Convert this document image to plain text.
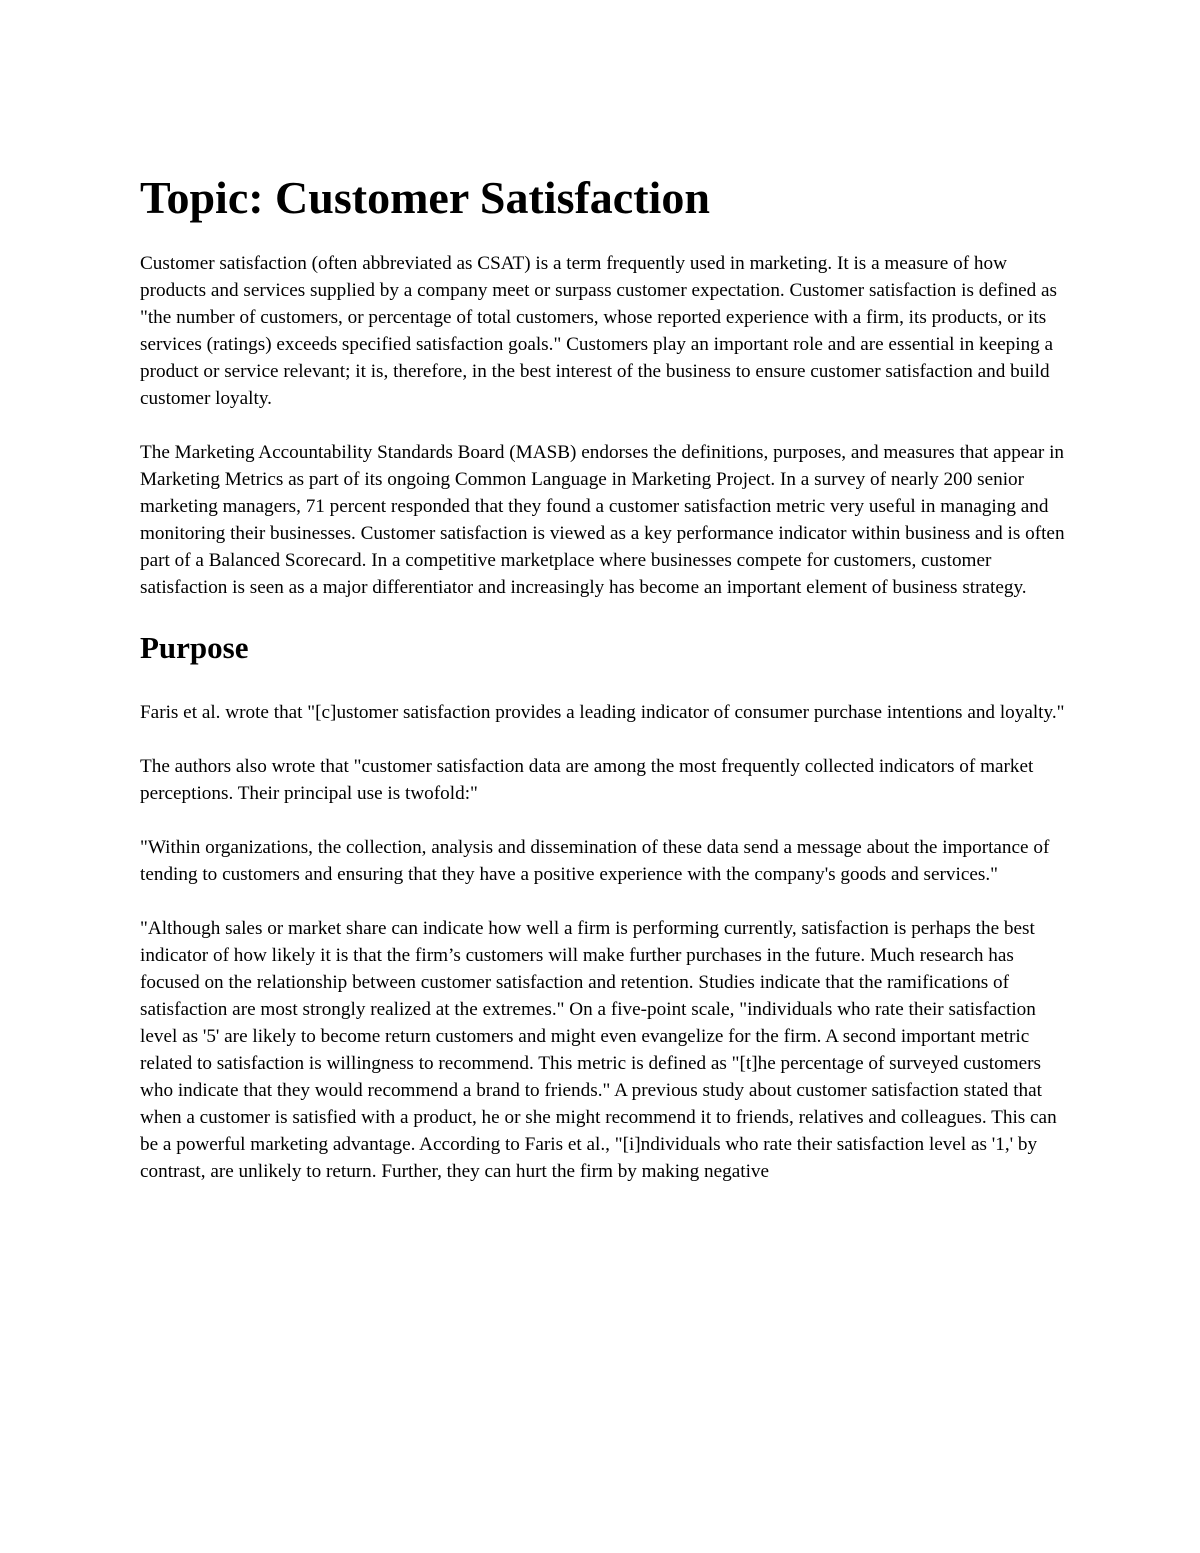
Topic: Customer Satisfaction

Customer satisfaction (often abbreviated as CSAT) is a term frequently used in marketing. It is a measure of how products and services supplied by a company meet or surpass customer expectation. Customer satisfaction is defined as "the number of customers, or percentage of total customers, whose reported experience with a firm, its products, or its services (ratings) exceeds specified satisfaction goals." Customers play an important role and are essential in keeping a product or service relevant; it is, therefore, in the best interest of the business to ensure customer satisfaction and build customer loyalty.

The Marketing Accountability Standards Board (MASB) endorses the definitions, purposes, and measures that appear in Marketing Metrics as part of its ongoing Common Language in Marketing Project. In a survey of nearly 200 senior marketing managers, 71 percent responded that they found a customer satisfaction metric very useful in managing and monitoring their businesses. Customer satisfaction is viewed as a key performance indicator within business and is often part of a Balanced Scorecard. In a competitive marketplace where businesses compete for customers, customer satisfaction is seen as a major differentiator and increasingly has become an important element of business strategy.

Purpose

Faris et al. wrote that "[c]ustomer satisfaction provides a leading indicator of consumer purchase intentions and loyalty."

The authors also wrote that "customer satisfaction data are among the most frequently collected indicators of market perceptions. Their principal use is twofold:"

"Within organizations, the collection, analysis and dissemination of these data send a message about the importance of tending to customers and ensuring that they have a positive experience with the company's goods and services."

"Although sales or market share can indicate how well a firm is performing currently, satisfaction is perhaps the best indicator of how likely it is that the firm’s customers will make further purchases in the future. Much research has focused on the relationship between customer satisfaction and retention. Studies indicate that the ramifications of satisfaction are most strongly realized at the extremes." On a five-point scale, "individuals who rate their satisfaction level as '5' are likely to become return customers and might even evangelize for the firm. A second important metric related to satisfaction is willingness to recommend. This metric is defined as "[t]he percentage of surveyed customers who indicate that they would recommend a brand to friends." A previous study about customer satisfaction stated that when a customer is satisfied with a product, he or she might recommend it to friends, relatives and colleagues. This can be a powerful marketing advantage. According to Faris et al., "[i]ndividuals who rate their satisfaction level as '1,' by contrast, are unlikely to return. Further, they can hurt the firm by making negative
